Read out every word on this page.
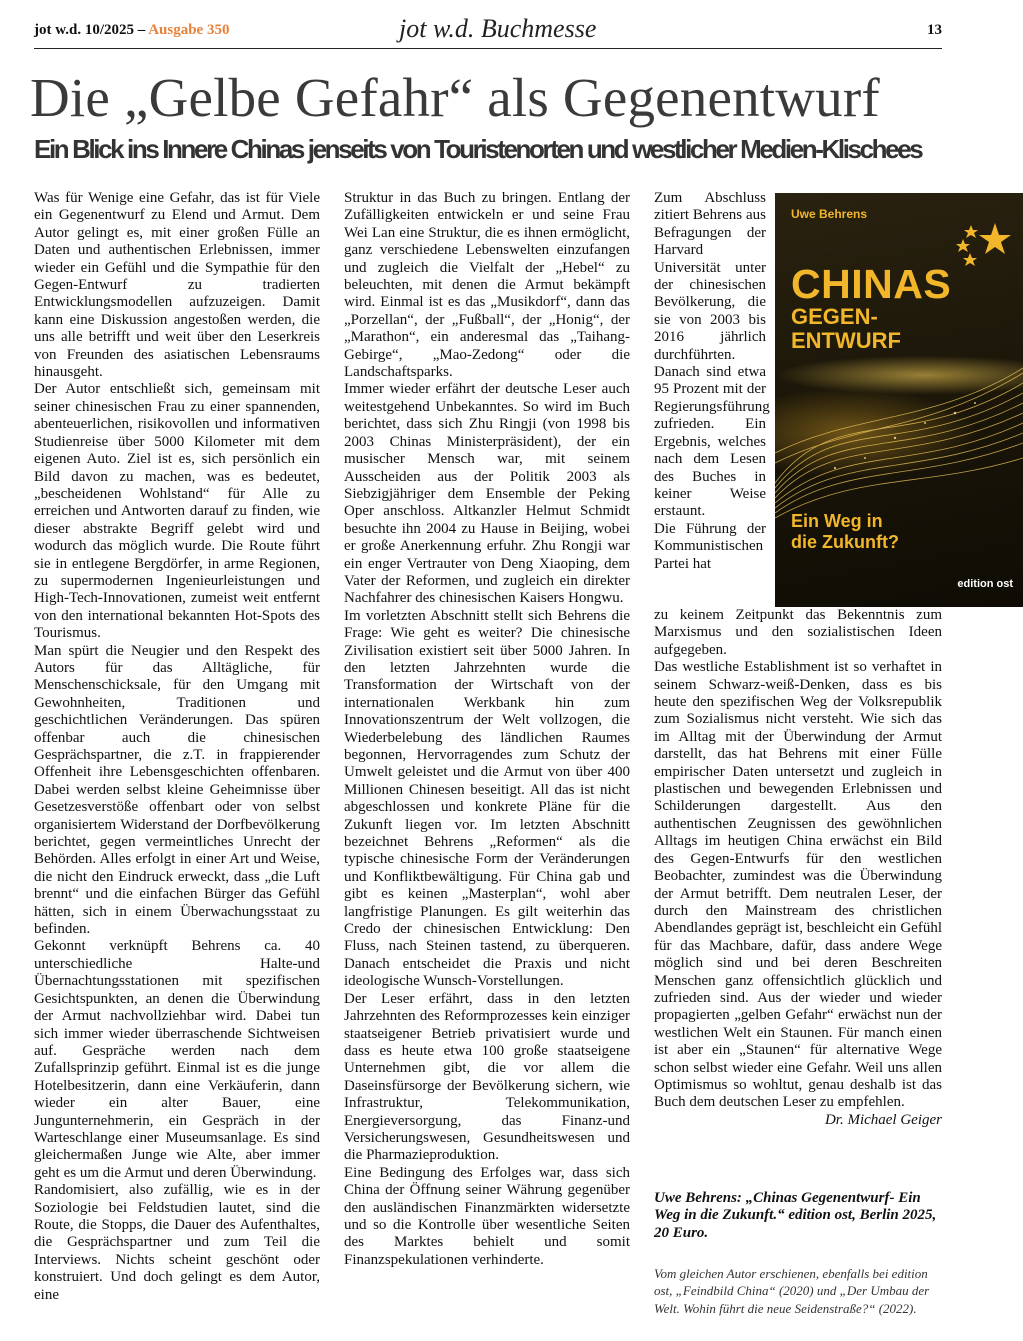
jot w.d. 10/2025 – Ausgabe 350	jot w.d. Buchmesse	13
Die „Gelbe Gefahr“ als Gegenentwurf
Ein Blick ins Innere Chinas jenseits von Touristenorten und westlicher Medien-Klischees

Was für Wenige eine Gefahr, das ist für Viele ein Gegenentwurf zu Elend und Armut. Dem Autor gelingt es, mit einer großen Fülle an Daten und authentischen Erlebnissen, immer wieder ein Gefühl und die Sympathie für den Gegen-Entwurf zu tradierten Entwicklungsmodellen aufzuzeigen. Damit kann eine Diskussion angestoßen werden, die uns alle betrifft und weit über den Leserkreis von Freunden des asiatischen Lebensraums hinausgeht.

Der Autor entschließt sich, gemeinsam mit seiner chinesischen Frau zu einer spannenden, abenteuerlichen, risikovollen und informativen Studienreise über 5000 Kilometer mit dem eigenen Auto. Ziel ist es, sich persönlich ein Bild davon zu machen, was es bedeutet, „bescheidenen Wohlstand“ für Alle zu erreichen und Antworten darauf zu finden, wie dieser abstrakte Begriff gelebt wird und wodurch das möglich wurde. Die Route führt sie in entlegene Bergdörfer, in arme Regionen, zu supermodernen Ingenieurleistungen und High-Tech-Innovationen, zumeist weit entfernt von den international bekannten Hot-Spots des Tourismus.

Man spürt die Neugier und den Respekt des Autors für das Alltägliche, für Menschenschicksale, für den Umgang mit Gewohnheiten, Traditionen und geschichtlichen Veränderungen. Das spüren offenbar auch die chinesischen Gesprächspartner, die z.T. in frappierender Offenheit ihre Lebensgeschichten offenbaren. Dabei werden selbst kleine Geheimnisse über Gesetzesverstöße offenbart oder von selbst organisiertem Widerstand der Dorfbevölkerung berichtet, gegen vermeintliches Unrecht der Behörden. Alles erfolgt in einer Art und Weise, die nicht den Eindruck erweckt, dass „die Luft brennt“ und die einfachen Bürger das Gefühl hätten, sich in einem Überwachungsstaat zu befinden.

Gekonnt verknüpft Behrens ca. 40 unterschiedliche Halte-und Übernachtungsstationen mit spezifischen Gesichtspunkten, an denen die Überwindung der Armut nachvollziehbar wird. Dabei tun sich immer wieder überraschende Sichtweisen auf. Gespräche werden nach dem Zufallsprinzip geführt. Einmal ist es die junge Hotelbesitzerin, dann eine Verkäuferin, dann wieder ein alter Bauer, eine Jungunternehmerin, ein Gespräch in der Warteschlange einer Museumsanlage. Es sind gleichermaßen Junge wie Alte, aber immer geht es um die Armut und deren Überwindung.

Randomisiert, also zufällig, wie es in der Soziologie bei Feldstudien lautet, sind die Route, die Stopps, die Dauer des Aufenthaltes, die Gesprächspartner und zum Teil die Interviews. Nichts scheint geschönt oder konstruiert. Und doch gelingt es dem Autor, eine

Struktur in das Buch zu bringen. Entlang der Zufälligkeiten entwickeln er und seine Frau Wei Lan eine Struktur, die es ihnen ermöglicht, ganz verschiedene Lebenswelten einzufangen und zugleich die Vielfalt der „Hebel“ zu beleuchten, mit denen die Armut bekämpft wird. Einmal ist es das „Musikdorf“, dann das „Porzellan“, der „Fußball“, der „Honig“, der „Marathon“, ein anderesmal das „Taihang-Gebirge“, „Mao-Zedong“ oder die Landschaftsparks.

Immer wieder erfährt der deutsche Leser auch weitestgehend Unbekanntes. So wird im Buch berichtet, dass sich Zhu Ringji (von 1998 bis 2003 Chinas Ministerpräsident), der ein musischer Mensch war, mit seinem Ausscheiden aus der Politik 2003 als Siebzigjähriger dem Ensemble der Peking Oper anschloss. Altkanzler Helmut Schmidt besuchte ihn 2004 zu Hause in Beijing, wobei er große Anerkennung erfuhr. Zhu Rongji war ein enger Vertrauter von Deng Xiaoping, dem Vater der Reformen, und zugleich ein direkter Nachfahrer des chinesischen Kaisers Hongwu.

Im vorletzten Abschnitt stellt sich Behrens die Frage: Wie geht es weiter? Die chinesische Zivilisation existiert seit über 5000 Jahren. In den letzten Jahrzehnten wurde die Transformation der Wirtschaft von der internationalen Werkbank hin zum Innovationszentrum der Welt vollzogen, die Wiederbelebung des ländlichen Raumes begonnen, Hervorragendes zum Schutz der Umwelt geleistet und die Armut von über 400 Millionen Chinesen beseitigt. All das ist nicht abgeschlossen und konkrete Pläne für die Zukunft liegen vor. Im letzten Abschnitt bezeichnet Behrens „Reformen“ als die typische chinesische Form der Veränderungen und Konfliktbewältigung. Für China gab und gibt es keinen „Masterplan“, wohl aber langfristige Planungen. Es gilt weiterhin das Credo der chinesischen Entwicklung: Den Fluss, nach Steinen tastend, zu überqueren. Danach entscheidet die Praxis und nicht ideologische Wunsch-Vorstellungen.

Der Leser erfährt, dass in den letzten Jahrzehnten des Reformprozesses kein einziger staatseigener Betrieb privatisiert wurde und dass es heute etwa 100 große staatseigene Unternehmen gibt, die vor allem die Daseinsfürsorge der Bevölkerung sichern, wie Infrastruktur, Telekommunikation, Energieversorgung, das Finanz-und Versicherungswesen, Gesundheitswesen und die Pharmazieproduktion.

Eine Bedingung des Erfolges war, dass sich China der Öffnung seiner Währung gegenüber den ausländischen Finanzmärkten widersetzte und so die Kontrolle über wesentliche Seiten des Marktes behielt und somit Finanzspekulationen verhinderte.

Zum Abschluss zitiert Behrens aus Befragungen der Harvard Universität unter der chinesischen Bevölkerung, die sie von 2003 bis 2016 jährlich durchführten. Danach sind etwa 95 Prozent mit der Regierungsführung zufrieden. Ein Ergebnis, welches nach dem Lesen des Buches in keiner Weise erstaunt.

Die Führung der Kommunistischen Partei hat

Uwe Behrens
CHINAS
GEGEN-
ENTWURF
Ein Weg in
die Zukunft?
edition ost

zu keinem Zeitpunkt das Bekenntnis zum Marxismus und den sozialistischen Ideen aufgegeben.

Das westliche Establishment ist so verhaftet in seinem Schwarz-weiß-Denken, dass es bis heute den spezifischen Weg der Volksrepublik zum Sozialismus nicht versteht. Wie sich das im Alltag mit der Überwindung der Armut darstellt, das hat Behrens mit einer Fülle empirischer Daten untersetzt und zugleich in plastischen und bewegenden Erlebnissen und Schilderungen dargestellt. Aus den authentischen Zeugnissen des gewöhnlichen Alltags im heutigen China erwächst ein Bild des Gegen-Entwurfs für den westlichen Beobachter, zumindest was die Überwindung der Armut betrifft. Dem neutralen Leser, der durch den Mainstream des christlichen Abendlandes geprägt ist, beschleicht ein Gefühl für das Machbare, dafür, dass andere Wege möglich sind und bei deren Beschreiten Menschen ganz offensichtlich glücklich und zufrieden sind. Aus der wieder und wieder propagierten „gelben Gefahr“ erwächst nun der westlichen Welt ein Staunen. Für manch einen ist aber ein „Staunen“ für alternative Wege schon selbst wieder eine Gefahr. Weil uns allen Optimismus so wohltut, genau deshalb ist das Buch dem deutschen Leser zu empfehlen.
Dr. Michael Geiger

Uwe Behrens: „Chinas Gegenentwurf- Ein Weg in die Zukunft.“ edition ost, Berlin 2025, 20 Euro.
Vom gleichen Autor erschienen, ebenfalls bei edition ost, „Feindbild China“ (2020) und „Der Umbau der Welt. Wohin führt die neue Seidenstraße?“ (2022).
